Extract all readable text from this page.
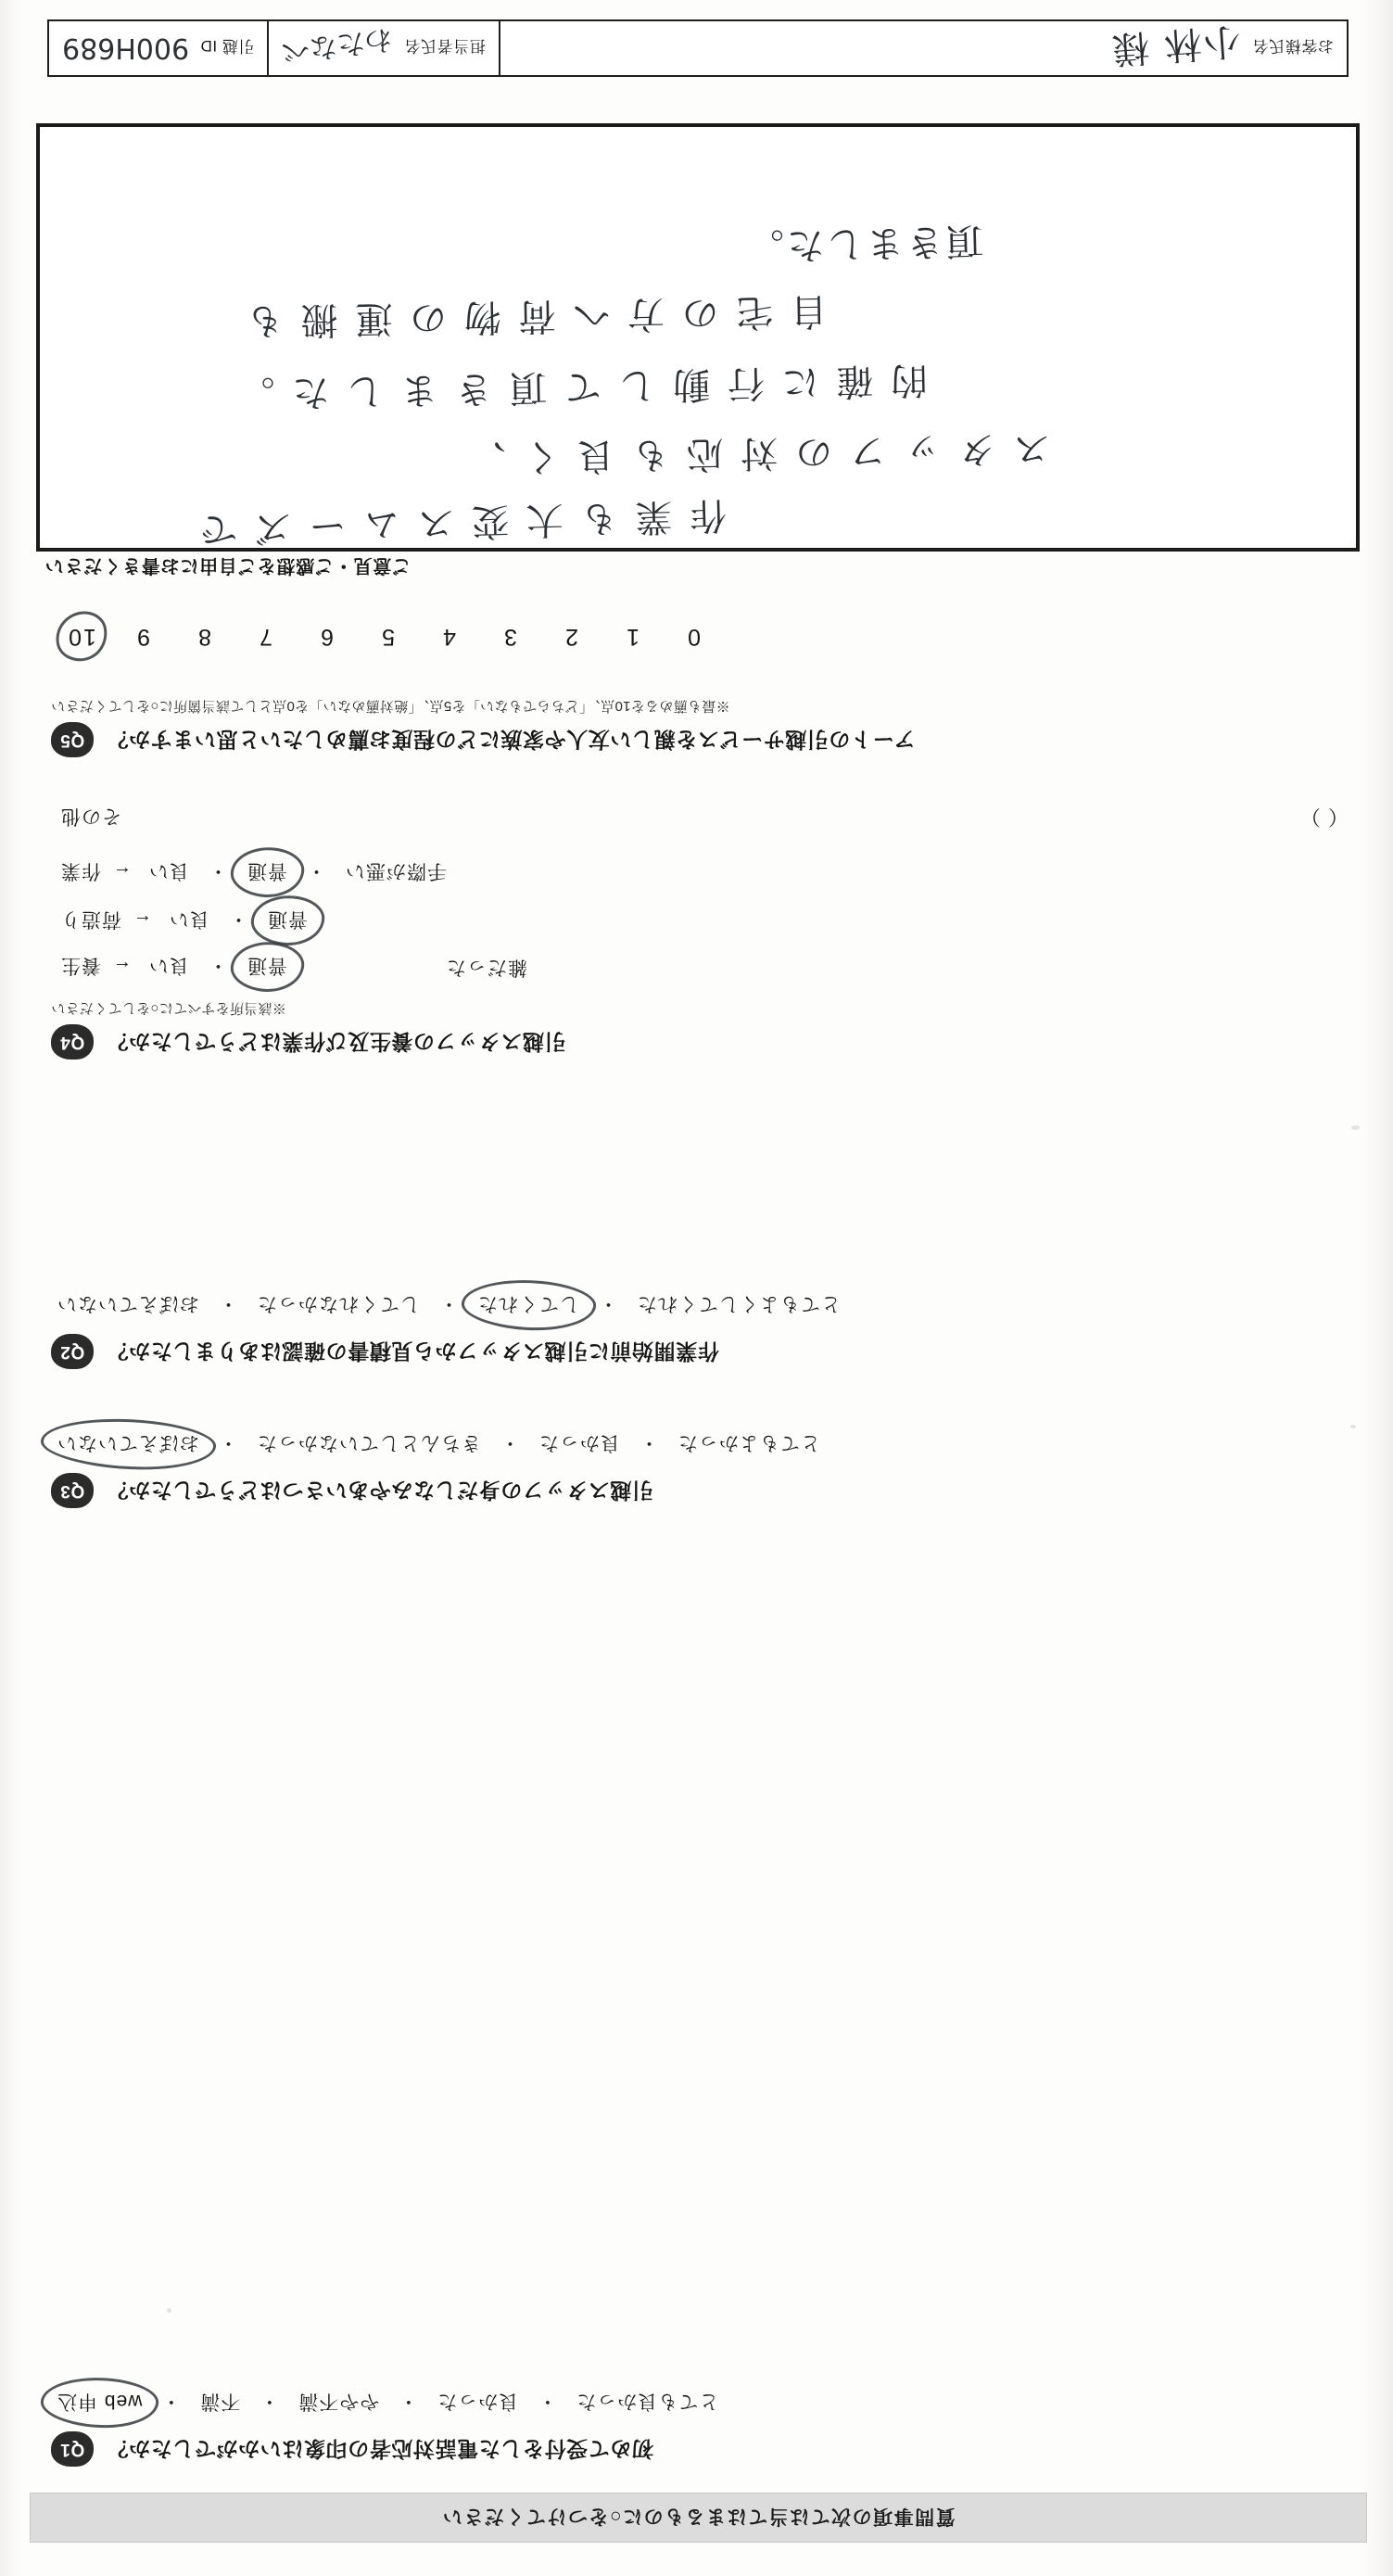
質問事項の次ては当てはまるものに○をつけてください
Q1	初めて受付をした電話対応者の印象はいかがでしたか？
とても良かった
・
良かった
・
やや不満
・
不満
・
web 申込
Q2	作業開始前に引越スタッフから見積書の確認はありましたか？
とてもよくしてくれた
・
してくれた
・
してくれなかった
・
おぼえていない
Q3	引越スタッフの身だしなみやあいさつはどうでしたか？
とてもよかった
・
良かった
・
きちんとしていなかった
・
おぼえていない
Q4	引越スタッフの養生及び作業はどうでしたか？
※該当所をすべてに○をしてください
普通
・
良い
←
養生	雑だった
普通
・
良い
←
荷造り
手際が悪い
・
普通
・
良い
←
作業
（ ）
その他
Q5	アートの引越サービスを親しい友人や家族にどの程度お薦めしたいと思いますか？
※最も薦めるを10点、「どちらでもない」を5点、「絶対薦めない」を0点として該当箇所に○をしてください
0
1
2
3
4
5
6
7
8
9
10
ご意見・ご感想をご自由にお書きください
頂きました。
自 宅 の 方 へ 荷 物 の 運 搬 も
的 確 に 行 動 し て 頂 き ま し た 。
ス タ ッ フ の 対 応 も 良 く 、
作 業 も 大 変 ス ム ー ズ で
引越 ID
900H689	担当者氏名
わたなべ	お客様氏名
小林 様
